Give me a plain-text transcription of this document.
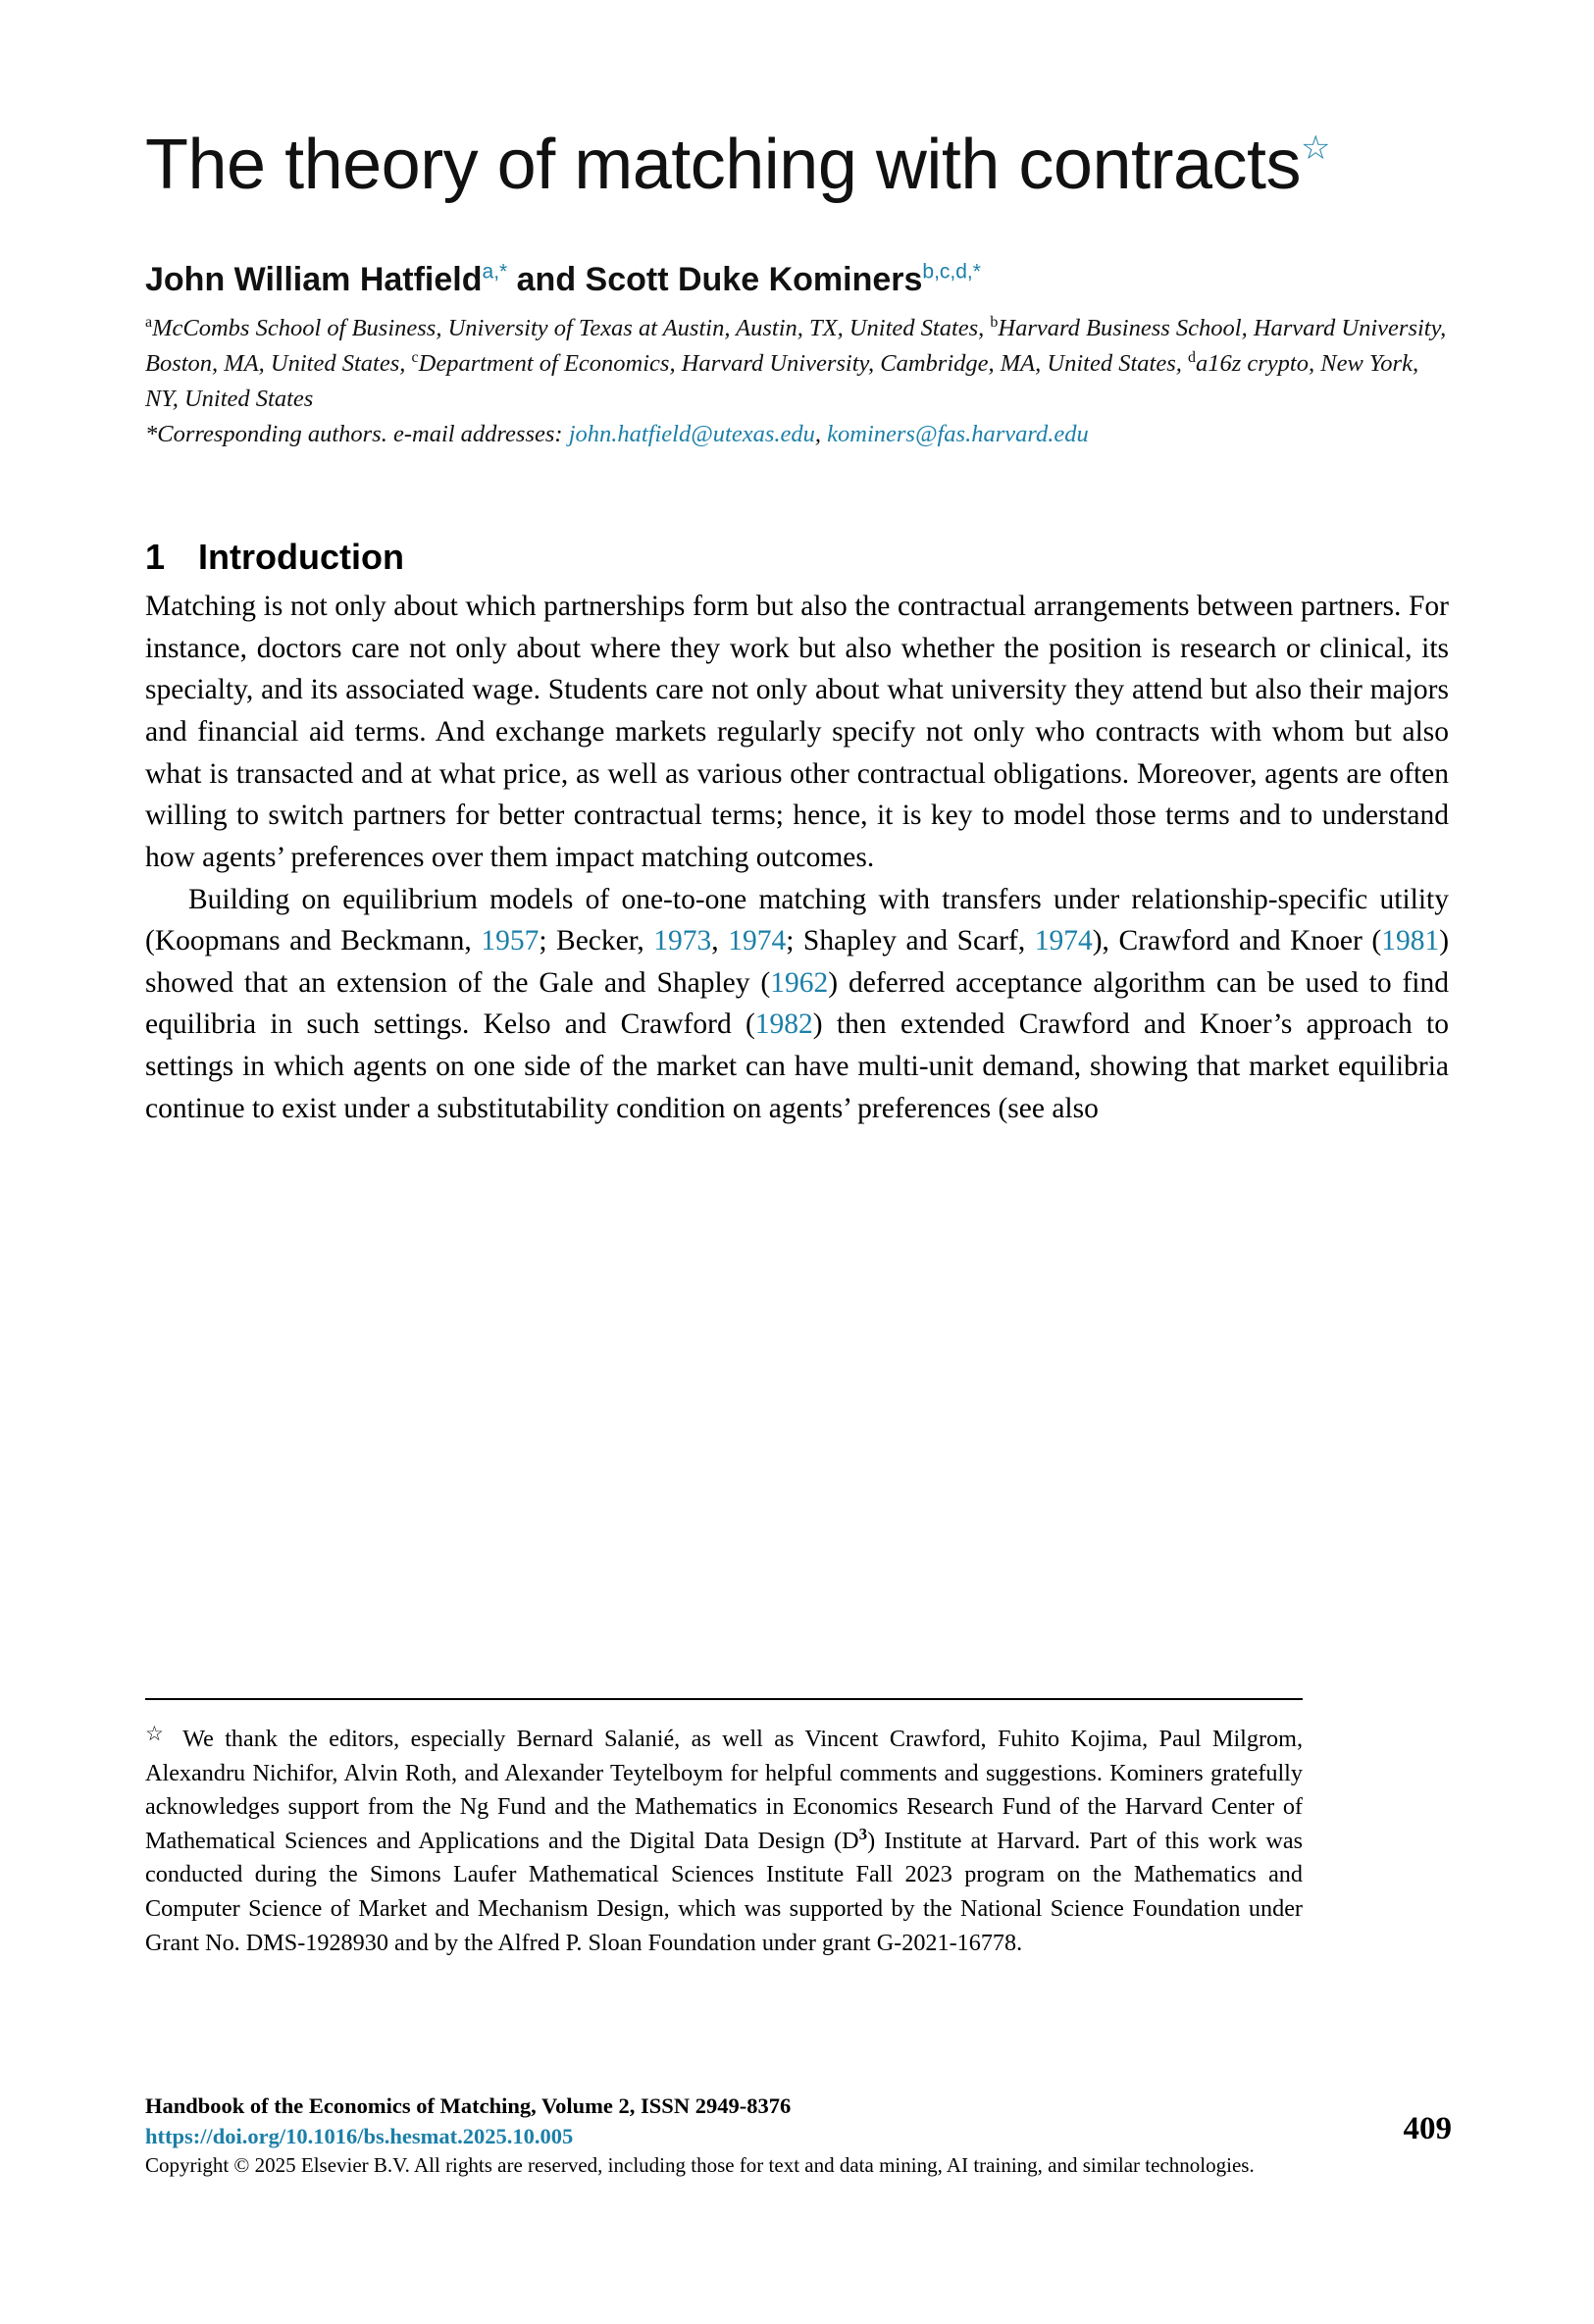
The theory of matching with contracts☆
John William Hatfield$^{a,*}$ and Scott Duke Kominers$^{b,c,d,*}$
$^a$McCombs School of Business, University of Texas at Austin, Austin, TX, United States, $^b$Harvard Business School, Harvard University, Boston, MA, United States, $^c$Department of Economics, Harvard University, Cambridge, MA, United States, $^d$a16z crypto, New York, NY, United States
*Corresponding authors. e-mail addresses: john.hatfield@utexas.edu, kominers@fas.harvard.edu
1 Introduction

Matching is not only about which partnerships form but also the contractual arrangements between partners. For instance, doctors care not only about where they work but also whether the position is research or clinical, its specialty, and its associated wage. Students care not only about what university they attend but also their majors and financial aid terms. And exchange markets regularly specify not only who contracts with whom but also what is transacted and at what price, as well as various other contractual obligations. Moreover, agents are often willing to switch partners for better contractual terms; hence, it is key to model those terms and to understand how agents’ preferences over them impact matching outcomes.

Building on equilibrium models of one-to-one matching with transfers under relationship-specific utility (Koopmans and Beckmann, 1957; Becker, 1973, 1974; Shapley and Scarf, 1974), Crawford and Knoer (1981) showed that an extension of the Gale and Shapley (1962) deferred acceptance algorithm can be used to find equilibria in such settings. Kelso and Crawford (1982) then extended Crawford and Knoer’s approach to settings in which agents on one side of the market can have multi-unit demand, showing that market equilibria continue to exist under a substitutability condition on agents’ preferences (see also

☆ We thank the editors, especially Bernard Salanié, as well as Vincent Crawford, Fuhito Kojima, Paul Milgrom, Alexandru Nichifor, Alvin Roth, and Alexander Teytelboym for helpful comments and suggestions. Kominers gratefully acknowledges support from the Ng Fund and the Mathematics in Economics Research Fund of the Harvard Center of Mathematical Sciences and Applications and the Digital Data Design $(D^3)$ Institute at Harvard. Part of this work was conducted during the Simons Laufer Mathematical Sciences Institute Fall 2023 program on the Mathematics and Computer Science of Market and Mechanism Design, which was supported by the National Science Foundation under Grant No. DMS-1928930 and by the Alfred P. Sloan Foundation under grant G-2021-16778.
Handbook of the Economics of Matching, Volume 2, ISSN 2949-8376
https://doi.org/10.1016/bs.hesmat.2025.10.005
Copyright © 2025 Elsevier B.V. All rights are reserved, including those for text and data mining, AI training, and similar technologies.
409
